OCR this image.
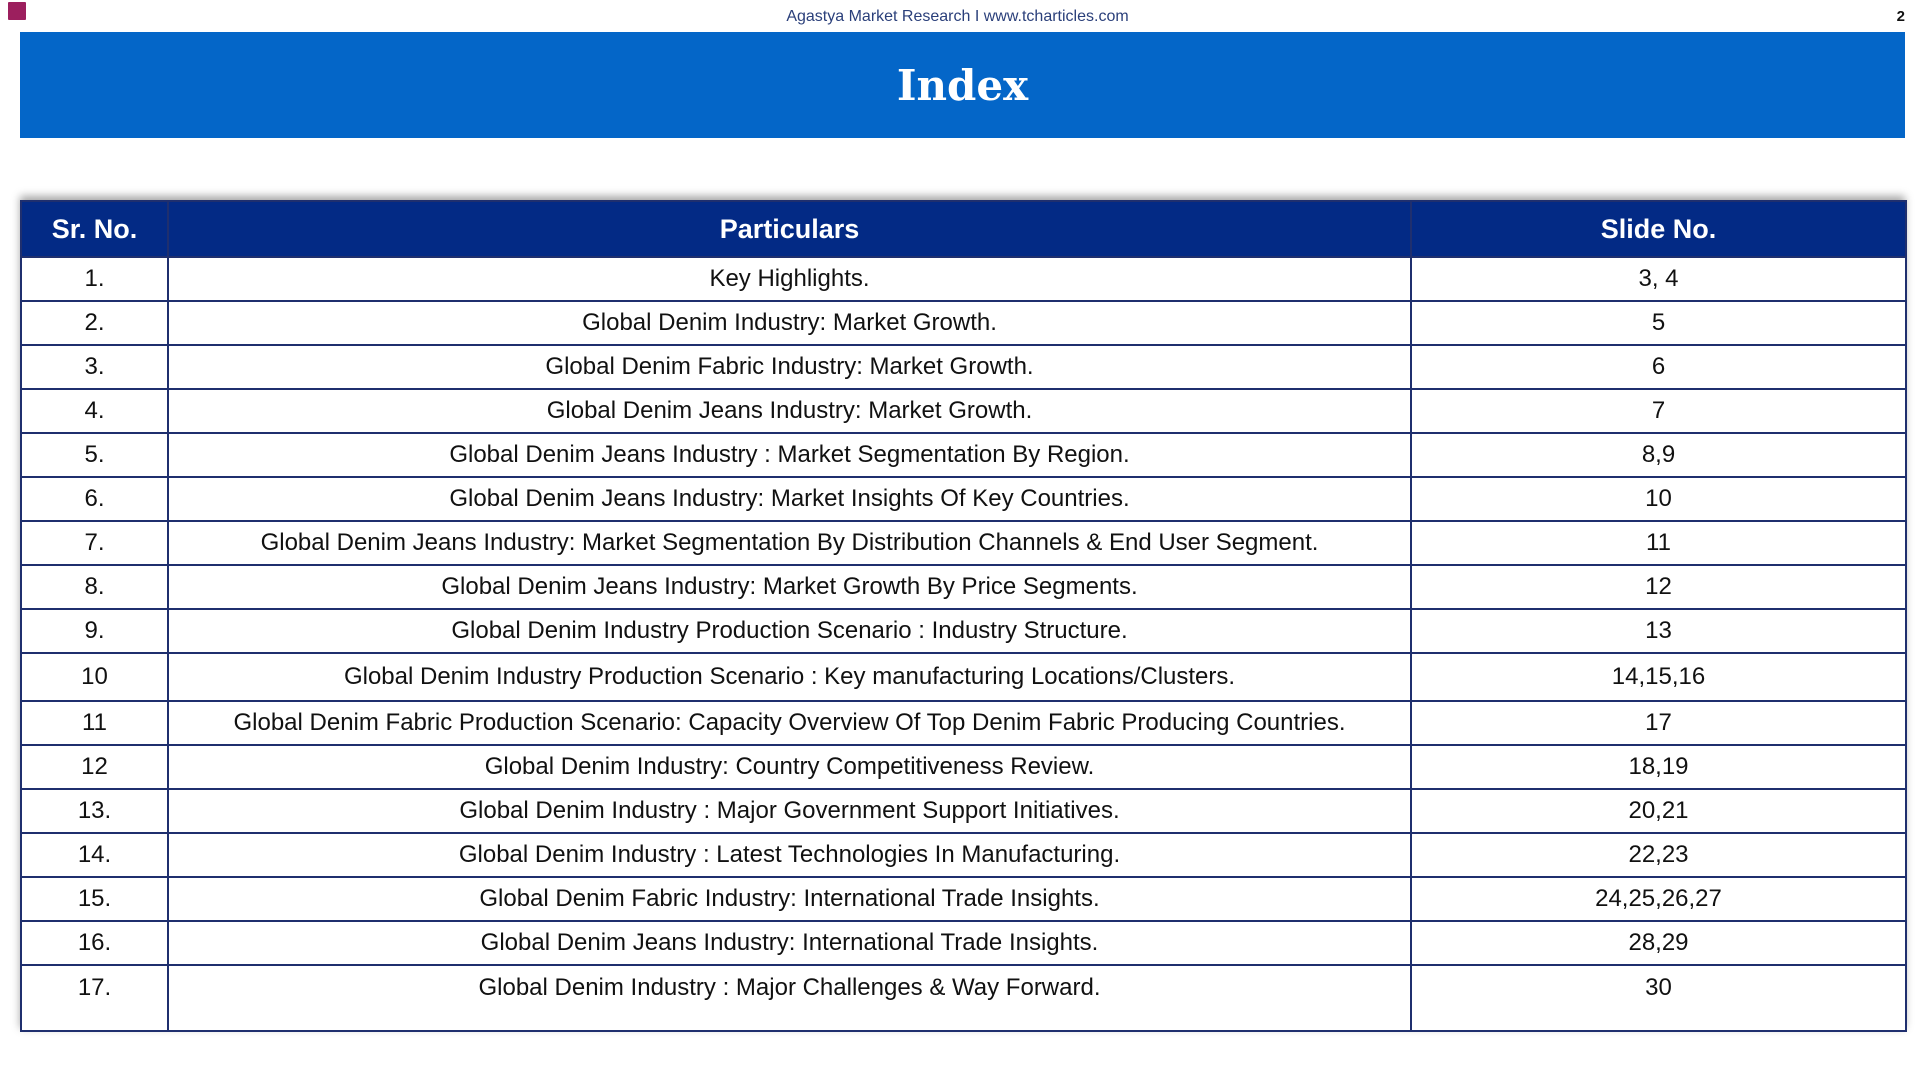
Agastya Market Research I www.tcharticles.com	2
Index
Sr. No.	Particulars	Slide No.
1.	Key Highlights.	3, 4
2.	Global Denim Industry: Market Growth.	5
3.	Global Denim Fabric Industry: Market Growth.	6
4.	Global Denim Jeans Industry: Market Growth.	7
5.	Global Denim Jeans Industry : Market Segmentation By Region.	8,9
6.	Global Denim Jeans Industry: Market Insights Of Key Countries.	10
7.	Global Denim Jeans Industry: Market Segmentation By Distribution Channels & End User Segment.	11
8.	Global Denim Jeans Industry: Market Growth By Price Segments.	12
9.	Global Denim Industry Production Scenario : Industry Structure.	13
10	Global Denim Industry Production Scenario : Key manufacturing Locations/Clusters.	14,15,16
11	Global Denim Fabric Production Scenario: Capacity Overview Of Top Denim Fabric Producing Countries.	17
12	Global Denim Industry: Country Competitiveness Review.	18,19
13.	Global Denim Industry : Major Government Support Initiatives.	20,21
14.	Global Denim Industry : Latest Technologies In Manufacturing.	22,23
15.	Global Denim Fabric Industry: International Trade Insights.	24,25,26,27
16.	Global Denim Jeans Industry: International Trade Insights.	28,29
17.	Global Denim Industry : Major Challenges & Way Forward.	30
